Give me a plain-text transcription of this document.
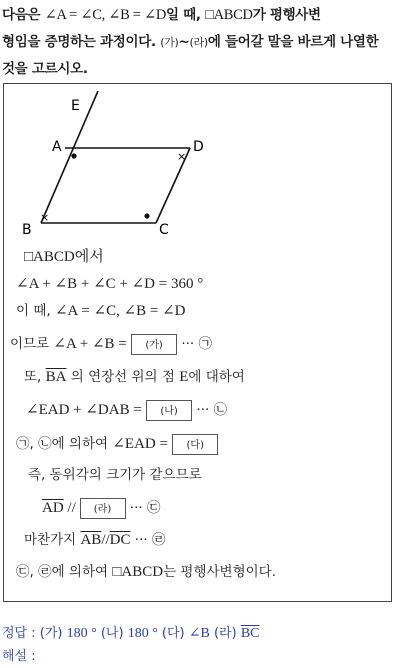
다음은 ∠A = ∠C, ∠B = ∠D일 때, □ABCD가 평행사변
형임을 증명하는 과정이다. (가)~(라)에 들어갈 말을 바르게 나열한
것을 고르시오.
×
×
E
A	D
B	C
□ABCD에서
∠A + ∠B + ∠C + ∠D = 360 °
이 때, ∠A = ∠C, ∠B = ∠D
이므로 ∠A + ∠B = (가) ··· ㉠
또, $\overline{BA}$ 의 연장선 위의 점 E에 대하여
∠EAD + ∠DAB = (나) ··· ㉡
㉠, ㉡에 의하여 ∠EAD = (다)
즉, 동위각의 크기가 같으므로
$\overline{AD}$ // (라) ··· ㉢
마찬가지 $\overline{AB}//\overline{DC}$ ··· ㉣
㉢, ㉣에 의하여 □ABCD는 평행사변형이다.
정답 : (가) 180 ° (나) 180 ° (다) ∠B (라) $\overline{BC}$
해설 :
